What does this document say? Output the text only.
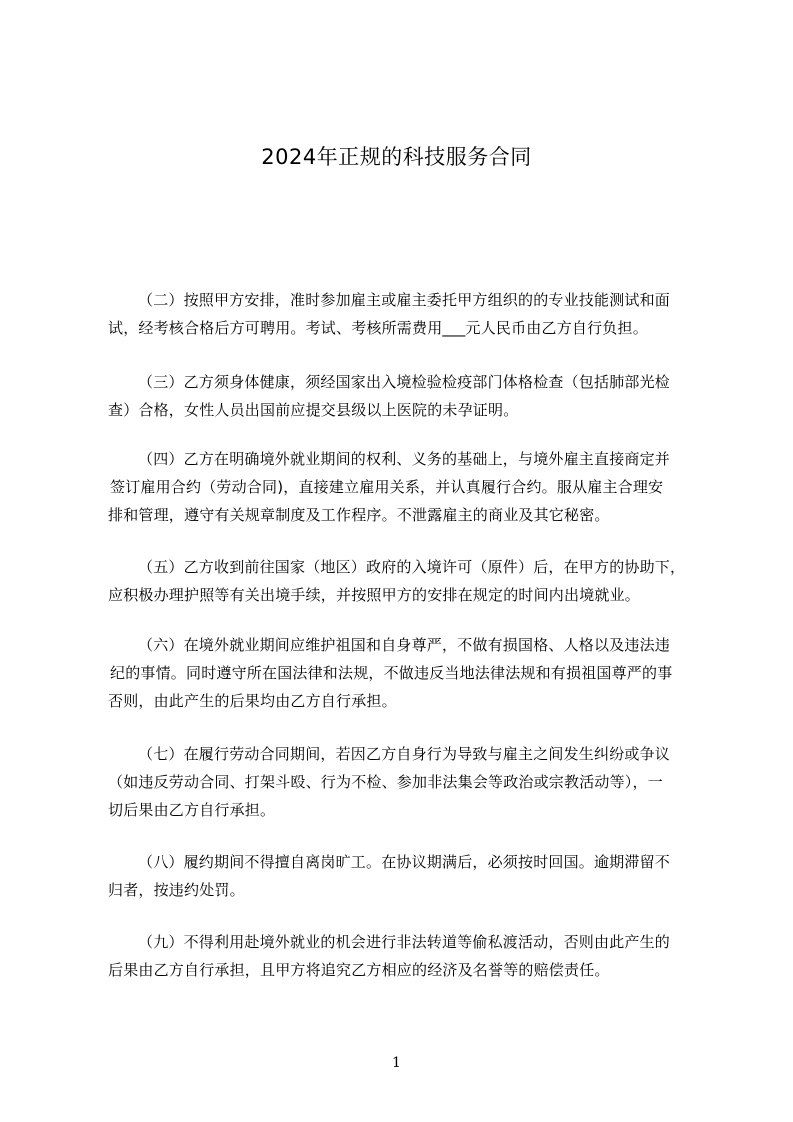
2024年正规的科技服务合同
（二）按照甲方安排，准时参加雇主或雇主委托甲方组织的的专业技能测试和面
试，经考核合格后方可聘用。考试、考核所需费用___元人民币由乙方自行负担。
（三）乙方须身体健康，须经国家出入境检验检疫部门体格检查（包括肺部光检
查）合格，女性人员出国前应提交县级以上医院的未孕证明。
（四）乙方在明确境外就业期间的权利、义务的基础上，与境外雇主直接商定并
签订雇用合约（劳动合同)，直接建立雇用关系，并认真履行合约。服从雇主合理安
排和管理，遵守有关规章制度及工作程序。不泄露雇主的商业及其它秘密。
（五）乙方收到前往国家（地区）政府的入境许可（原件）后，在甲方的协助下，
应积极办理护照等有关出境手续，并按照甲方的安排在规定的时间内出境就业。
（六）在境外就业期间应维护祖国和自身尊严，不做有损国格、人格以及违法违
纪的事情。同时遵守所在国法律和法规，不做违反当地法律法规和有损祖国尊严的事
否则，由此产生的后果均由乙方自行承担。
（七）在履行劳动合同期间，若因乙方自身行为导致与雇主之间发生纠纷或争议
（如违反劳动合同、打架斗殴、行为不检、参加非法集会等政治或宗教活动等），一
切后果由乙方自行承担。
（八）履约期间不得擅自离岗旷工。在协议期满后，必须按时回国。逾期滞留不
归者，按违约处罚。
（九）不得利用赴境外就业的机会进行非法转道等偷私渡活动，否则由此产生的
后果由乙方自行承担，且甲方将追究乙方相应的经济及名誉等的赔偿责任。
1
